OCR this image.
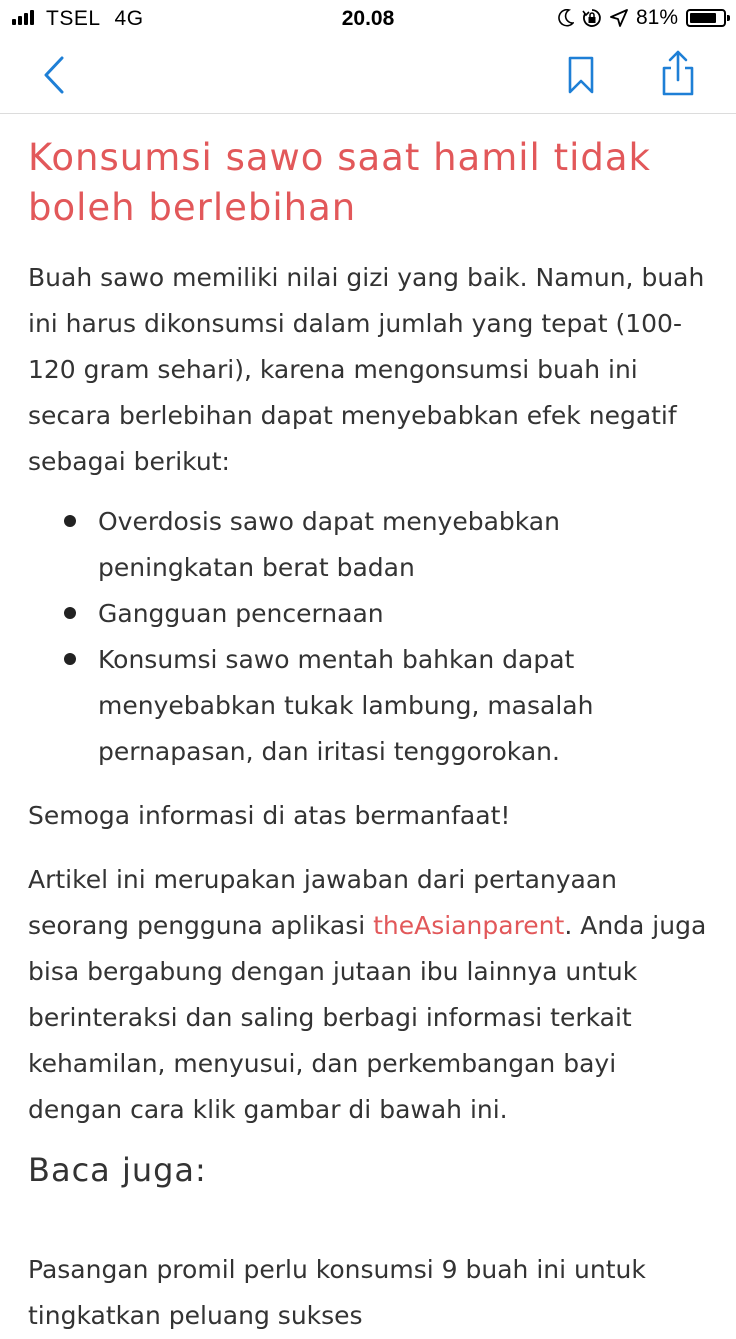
TSEL 4G	20.08	81%
Konsumsi sawo saat hamil tidak boleh berlebihan

Buah sawo memiliki nilai gizi yang baik. Namun, buah ini harus dikonsumsi dalam jumlah yang tepat (100-120 gram sehari), karena mengonsumsi buah ini secara berlebihan dapat menyebabkan efek negatif sebagai berikut:

Overdosis sawo dapat menyebabkan peningkatan berat badan
Gangguan pencernaan
Konsumsi sawo mentah bahkan dapat menyebabkan tukak lambung, masalah pernapasan, dan iritasi tenggorokan.

Semoga informasi di atas bermanfaat!

Artikel ini merupakan jawaban dari pertanyaan seorang pengguna aplikasi theAsianparent. Anda juga bisa bergabung dengan jutaan ibu lainnya untuk berinteraksi dan saling berbagi informasi terkait kehamilan, menyusui, dan perkembangan bayi dengan cara klik gambar di bawah ini.

Baca juga:

Pasangan promil perlu konsumsi 9 buah ini untuk tingkatkan peluang sukses
